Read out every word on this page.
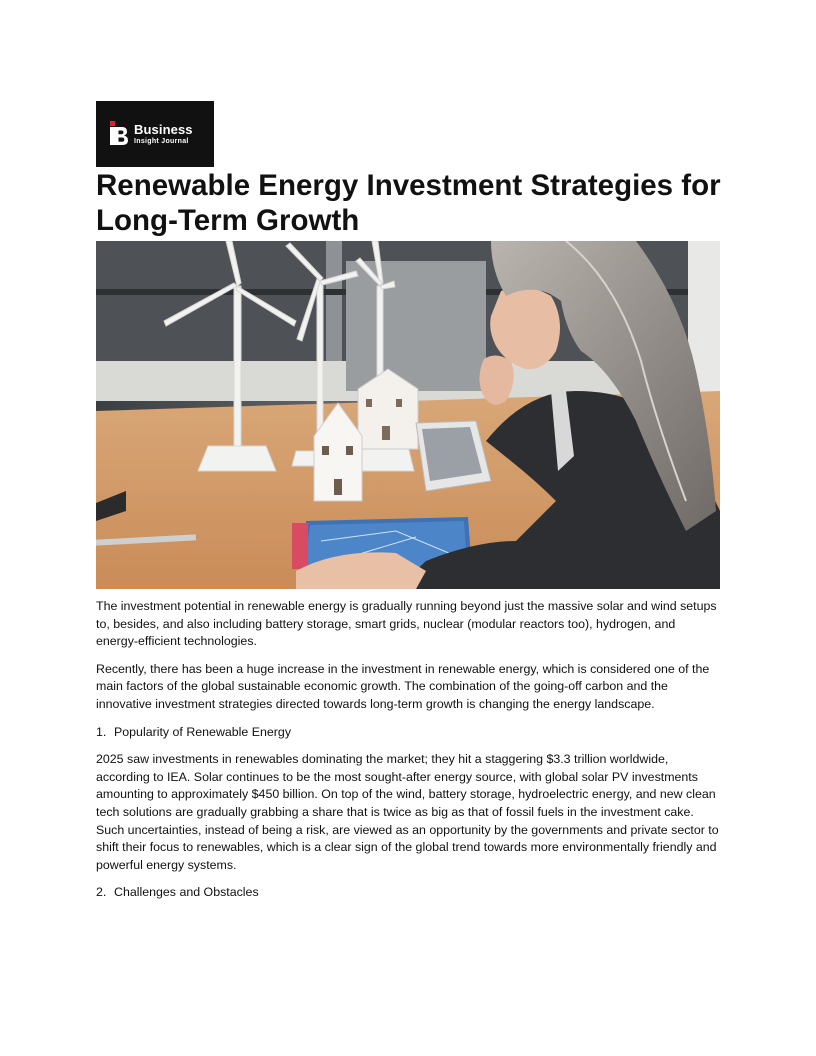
Business
Insight Journal
Renewable Energy Investment Strategies for Long-Term Growth

The investment potential in renewable energy is gradually running beyond just the massive solar and wind setups to, besides, and also including battery storage, smart grids, nuclear (modular reactors too), hydrogen, and energy-efficient technologies.

Recently, there has been a huge increase in the investment in renewable energy, which is considered one of the main factors of the global sustainable economic growth. The combination of the going-off carbon and the innovative investment strategies directed towards long-term growth is changing the energy landscape.

1. Popularity of Renewable Energy

2025 saw investments in renewables dominating the market; they hit a staggering $3.3 trillion worldwide, according to IEA. Solar continues to be the most sought-after energy source, with global solar PV investments amounting to approximately $450 billion. On top of the wind, battery storage, hydroelectric energy, and new clean tech solutions are gradually grabbing a share that is twice as big as that of fossil fuels in the investment cake. Such uncertainties, instead of being a risk, are viewed as an opportunity by the governments and private sector to shift their focus to renewables, which is a clear sign of the global trend towards more environmentally friendly and powerful energy systems.

2. Challenges and Obstacles
